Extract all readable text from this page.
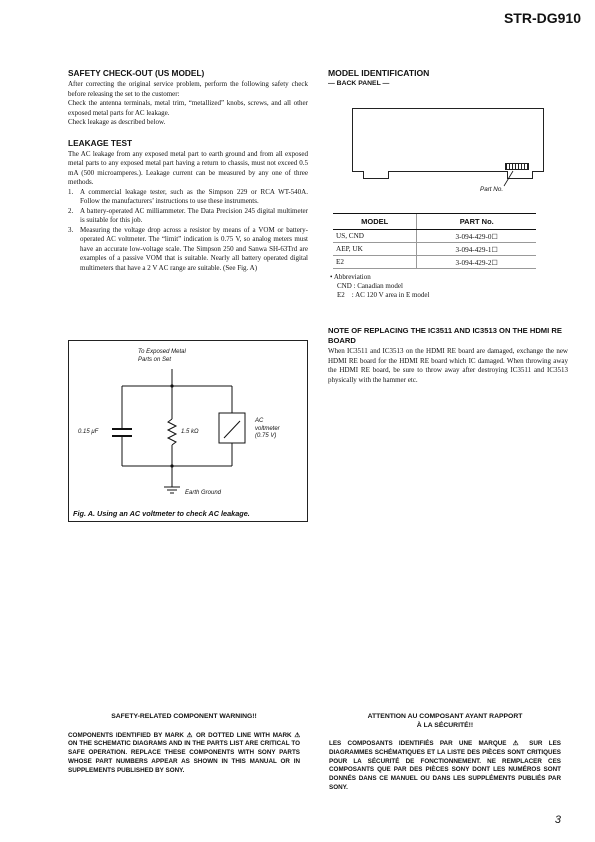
STR-DG910
SAFETY CHECK-OUT (US MODEL)

After correcting the original service problem, perform the following safety check before releasing the set to the customer:

Check the antenna terminals, metal trim, “metallized” knobs, screws, and all other exposed metal parts for AC leakage.

Check leakage as described below.

LEAKAGE TEST

The AC leakage from any exposed metal part to earth ground and from all exposed metal parts to any exposed metal part having a return to chassis, must not exceed 0.5 mA (500 microamperes.). Leakage current can be measured by any one of three methods.

1. A commercial leakage tester, such as the Simpson 229 or RCA WT-540A. Follow the manufacturers’ instructions to use these instruments.
2. A battery-operated AC milliammeter. The Data Precision 245 digital multimeter is suitable for this job.
3. Measuring the voltage drop across a resistor by means of a VOM or battery-operated AC voltmeter. The “limit” indication is 0.75 V, so analog meters must have an accurate low-voltage scale. The Simpson 250 and Sanwa SH-63Trd are examples of a passive VOM that is suitable. Nearly all battery operated digital multimeters that have a 2 V AC range are suitable. (See Fig. A)
To Exposed Metal
Parts on Set
0.15 μF	1.5 kΩ
AC
voltmeter
(0.75 V)
Earth Ground
Fig. A. Using an AC voltmeter to check AC leakage.
MODEL IDENTIFICATION
— BACK PANEL —
Part No.
MODEL	PART No.
US, CND	3-094-429-0☐
AEP, UK	3-094-429-1☐
E2	3-094-429-2☐
• Abbreviation
CND : Canadian model
E2    : AC 120 V area in E model
NOTE OF REPLACING THE IC3511 AND IC3513 ON THE HDMI RE BOARD

When IC3511 and IC3513 on the HDMI RE board are damaged, exchange the new HDMI RE board for the HDMI RE board which IC damaged. When throwing away the HDMI RE board, be sure to throw away after destroying IC3511 and IC3513 physically with the hammer etc.

SAFETY-RELATED COMPONENT WARNING!!
COMPONENTS IDENTIFIED BY MARK ⚠ OR DOTTED LINE WITH MARK ⚠ ON THE SCHEMATIC DIAGRAMS AND IN THE PARTS LIST ARE CRITICAL TO SAFE OPERATION. REPLACE THESE COMPONENTS WITH SONY PARTS WHOSE PART NUMBERS APPEAR AS SHOWN IN THIS MANUAL OR IN SUPPLEMENTS PUBLISHED BY SONY.
ATTENTION AU COMPOSANT AYANT RAPPORT
À LA SÉCURITÉ!!
LES COMPOSANTS IDENTIFIÉS PAR UNE MARQUE ⚠ SUR LES DIAGRAMMES SCHÉMATIQUES ET LA LISTE DES PIÈCES SONT CRITIQUES POUR LA SÉCURITÉ DE FONCTIONNEMENT. NE REMPLACER CES COMPOSANTS QUE PAR DES PIÈCES SONY DONT LES NUMÉROS SONT DONNÉS DANS CE MANUEL OU DANS LES SUPPLÉMENTS PUBLIÉS PAR SONY.
3
